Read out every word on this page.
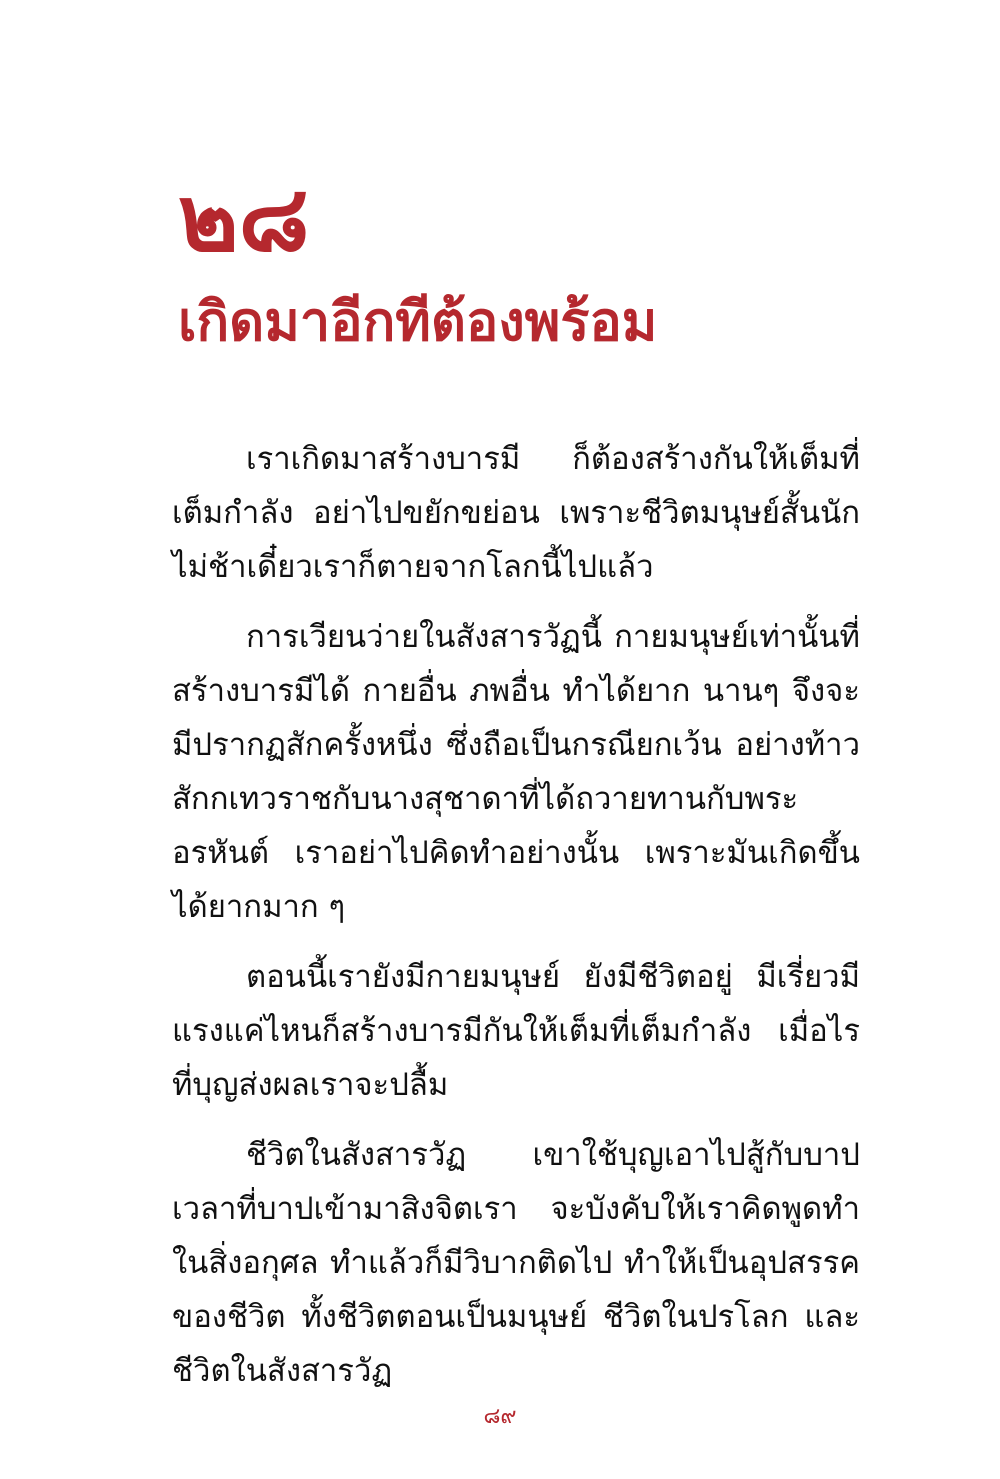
๒๘
เกิดมาอีกทีต้องพร้อม

เราเกิดมาสร้างบารมี ก็ต้องสร้างกันให้เต็มที่เต็มกำลัง อย่าไปขยักขย่อน เพราะชีวิตมนุษย์สั้นนัก ไม่ช้าเดี๋ยวเราก็ตายจากโลกนี้ไปแล้ว

การเวียนว่ายในสังสารวัฏนี้ กายมนุษย์เท่านั้นที่สร้างบารมีได้ กายอื่น ภพอื่น ทำได้ยาก นานๆ จึงจะมีปรากฏสักครั้งหนึ่ง ซึ่งถือเป็นกรณียกเว้น อย่างท้าวสักกเทวราชกับนางสุชาดาที่ได้ถวายทานกับพระอรหันต์ เราอย่าไปคิดทำอย่างนั้น เพราะมันเกิดขึ้นได้ยากมาก ๆ

ตอนนี้เรายังมีกายมนุษย์ ยังมีชีวิตอยู่ มีเรี่ยวมีแรงแค่ไหนก็สร้างบารมีกันให้เต็มที่เต็มกำลัง เมื่อไรที่บุญส่งผลเราจะปลื้ม

ชีวิตในสังสารวัฏ เขาใช้บุญเอาไปสู้กับบาป เวลาที่บาปเข้ามาสิงจิตเรา จะบังคับให้เราคิดพูดทำในสิ่งอกุศล ทำแล้วก็มีวิบากติดไป ทำให้เป็นอุปสรรคของชีวิต ทั้งชีวิตตอนเป็นมนุษย์ ชีวิตในปรโลก และชีวิตในสังสารวัฏ

๘๙
